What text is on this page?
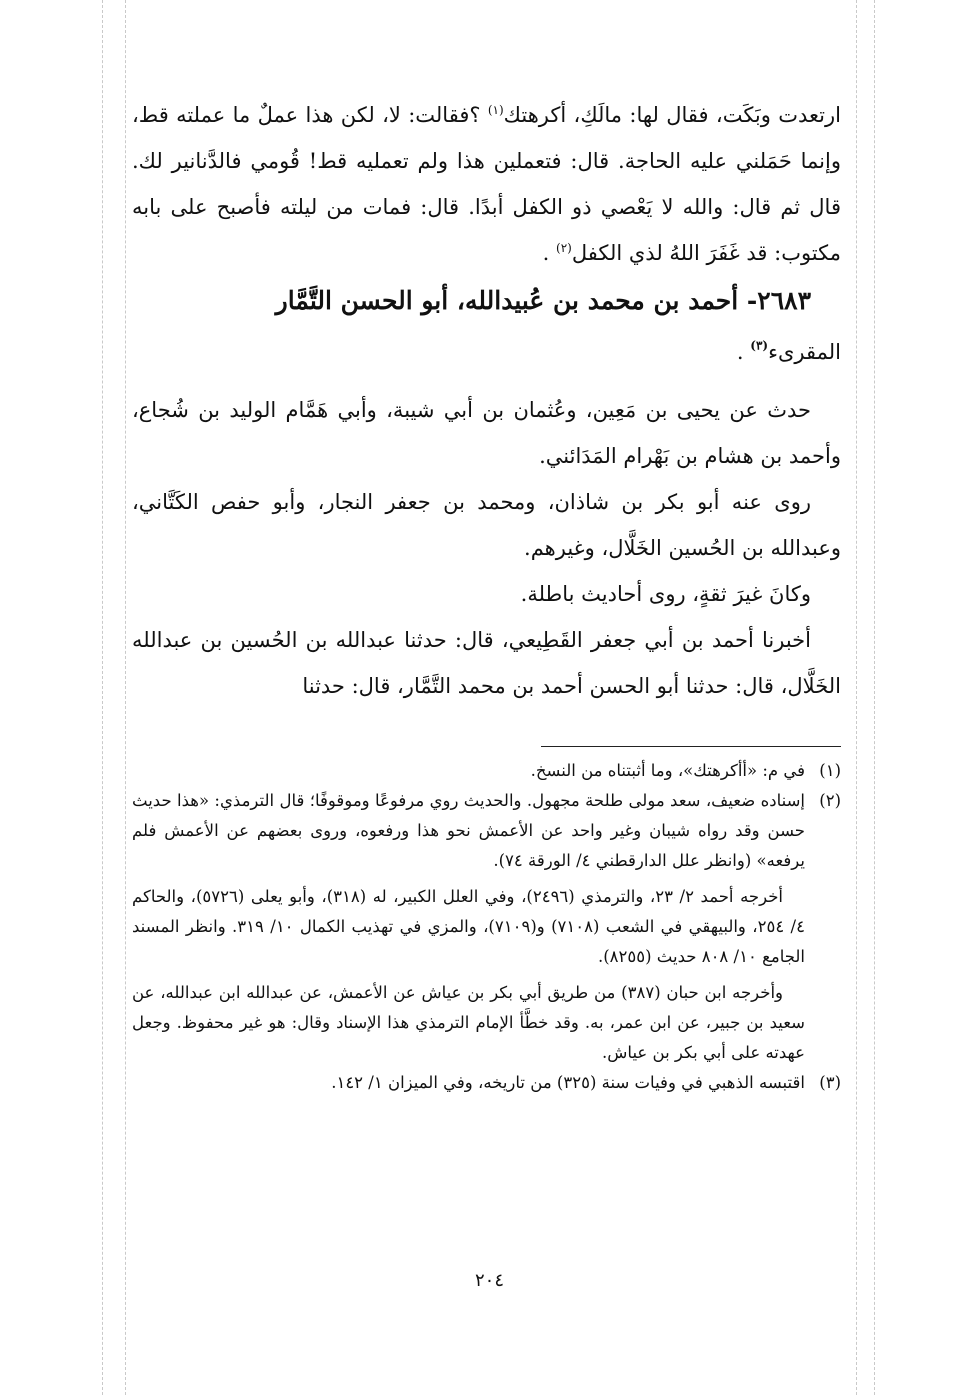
ارتعدت وبَكَت، فقال لها: مالَكِ، أكرهتك$^{(١)}$ ؟فقالت: لا، لكن هذا عملٌ ما عملته قط، وإنما حَمَلني عليه الحاجة. قال: فتعملين هذا ولم تعمليه قط! قُومي فالدَّنانير لك. قال ثم قال: والله لا يَعْصي ذو الكفل أبدًا. قال: فمات من ليلته فأصبح على بابه مكتوب: قد غَفَرَ اللهُ لذي الكفل$^{(٢)}$ .

٢٦٨٣- أحمد بن محمد بن عُبيدالله، أبو الحسن التَّمَّار

المقرىء$^{(٣)}$ .

حدث عن يحيى بن مَعِين، وعُثمان بن أبي شيبة، وأبي هَمَّام الوليد بن شُجاع، وأحمد بن هشام بن بَهْرام المَدَائني.

روى عنه أبو بكر بن شاذان، ومحمد بن جعفر النجار، وأبو حفص الكَتَّاني، وعبدالله بن الحُسين الخَلَّال، وغيرهم.

وكانَ غيرَ ثقةٍ، روى أحاديث باطلة.

أخبرنا أحمد بن أبي جعفر القَطِيعي، قال: حدثنا عبدالله بن الحُسين بن عبدالله الخَلَّال، قال: حدثنا أبو الحسن أحمد بن محمد التَّمَّار، قال: حدثنا

(١)

في م: «أأكرهتك»، وما أثبتناه من النسخ.

(٢)

إسناده ضعيف، سعد مولى طلحة مجهول. والحديث روي مرفوعًا وموقوفًا؛ قال الترمذي: «هذا حديث حسن وقد رواه شيبان وغير واحد عن الأعمش نحو هذا ورفعوه، وروى بعضهم عن الأعمش فلم يرفعه» (وانظر علل الدارقطني ٤/ الورقة ٧٤).

أخرجه أحمد ٢/ ٢٣، والترمذي (٢٤٩٦)، وفي العلل الكبير، له (٣١٨)، وأبو يعلى (٥٧٢٦)، والحاكم ٤/ ٢٥٤، والبيهقي في الشعب (٧١٠٨) و(٧١٠٩)، والمزي في تهذيب الكمال ١٠/ ٣١٩. وانظر المسند الجامع ١٠/ ٨٠٨ حديث (٨٢٥٥).

وأخرجه ابن حبان (٣٨٧) من طريق أبي بكر بن عياش عن الأعمش، عن عبدالله ابن عبدالله، عن سعيد بن جبير، عن ابن عمر، به. وقد خطَّأ الإمام الترمذي هذا الإسناد وقال: هو غير محفوظ. وجعل عهدته على أبي بكر بن عياش.

(٣)

اقتبسه الذهبي في وفيات سنة (٣٢٥) من تاريخه، وفي الميزان ١/ ١٤٢.

٢٠٤
